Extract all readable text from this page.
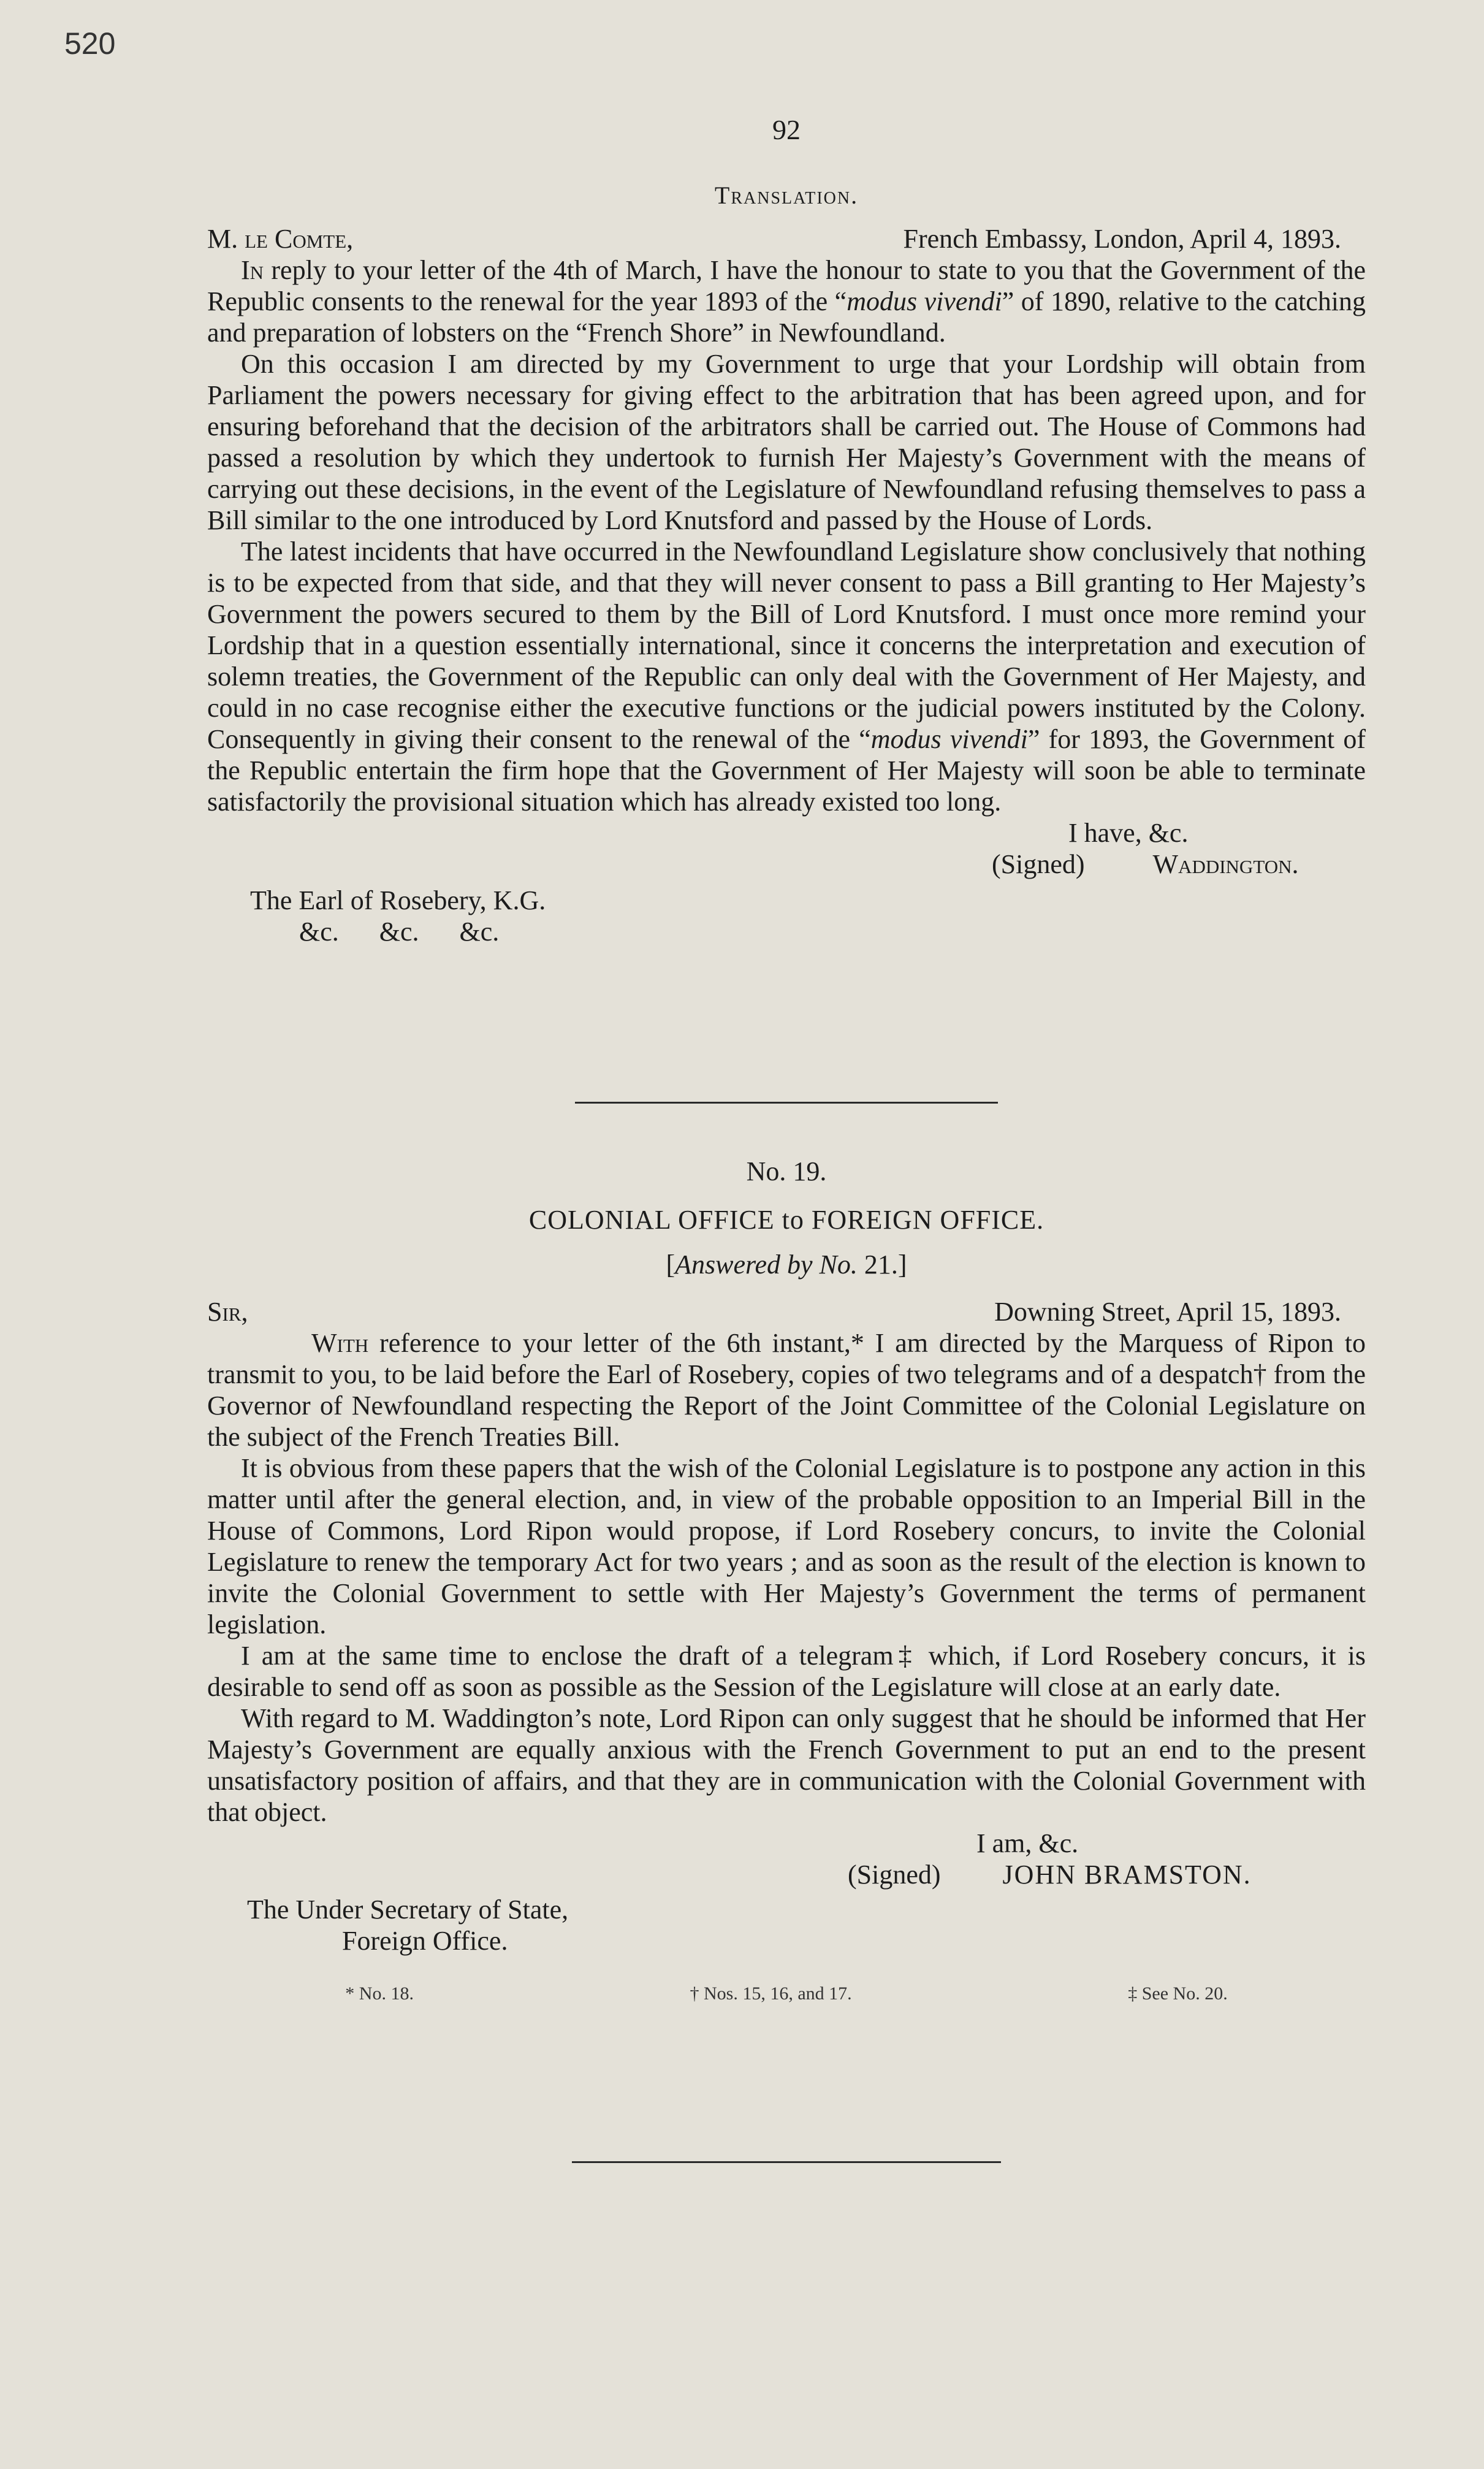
520
92
Translation.
M. le Comte,	French Embassy, London, April 4, 1893.

In reply to your letter of the 4th of March, I have the honour to state to you that the Government of the Republic consents to the renewal for the year 1893 of the “modus vivendi” of 1890, relative to the catching and preparation of lobsters on the “French Shore” in Newfoundland.

On this occasion I am directed by my Government to urge that your Lordship will obtain from Parliament the powers necessary for giving effect to the arbitration that has been agreed upon, and for ensuring beforehand that the decision of the arbitrators shall be carried out. The House of Commons had passed a resolution by which they undertook to furnish Her Majesty’s Government with the means of carrying out these decisions, in the event of the Legislature of Newfoundland refusing themselves to pass a Bill similar to the one introduced by Lord Knutsford and passed by the House of Lords.

The latest incidents that have occurred in the Newfoundland Legislature show conclusively that nothing is to be expected from that side, and that they will never consent to pass a Bill granting to Her Majesty’s Government the powers secured to them by the Bill of Lord Knutsford. I must once more remind your Lordship that in a question essentially international, since it concerns the interpretation and execution of solemn treaties, the Government of the Republic can only deal with the Government of Her Majesty, and could in no case recognise either the executive functions or the judicial powers instituted by the Colony. Consequently in giving their consent to the renewal of the “modus vivendi” for 1893, the Government of the Republic entertain the firm hope that the Government of Her Majesty will soon be able to terminate satisfactorily the provisional situation which has already existed too long.

I have, &c.
(Signed)	Waddington.
The Earl of Rosebery, K.G.
&c.      &c.      &c.
No. 19.
COLONIAL OFFICE to FOREIGN OFFICE.
[Answered by No. 21.]
Sir,	Downing Street, April 15, 1893.

With reference to your letter of the 6th instant,* I am directed by the Marquess of Ripon to transmit to you, to be laid before the Earl of Rosebery, copies of two telegrams and of a despatch† from the Governor of Newfoundland respecting the Report of the Joint Committee of the Colonial Legislature on the subject of the French Treaties Bill.

It is obvious from these papers that the wish of the Colonial Legislature is to postpone any action in this matter until after the general election, and, in view of the probable opposition to an Imperial Bill in the House of Commons, Lord Ripon would propose, if Lord Rosebery concurs, to invite the Colonial Legislature to renew the temporary Act for two years ; and as soon as the result of the election is known to invite the Colonial Government to settle with Her Majesty’s Government the terms of permanent legislation.

I am at the same time to enclose the draft of a telegram‡ which, if Lord Rosebery concurs, it is desirable to send off as soon as possible as the Session of the Legislature will close at an early date.

With regard to M. Waddington’s note, Lord Ripon can only suggest that he should be informed that Her Majesty’s Government are equally anxious with the French Government to put an end to the present unsatisfactory position of affairs, and that they are in communication with the Colonial Government with that object.

I am, &c.
(Signed) JOHN BRAMSTON.
The Under Secretary of State,
Foreign Office.
* No. 18.	† Nos. 15, 16, and 17.	‡ See No. 20.
